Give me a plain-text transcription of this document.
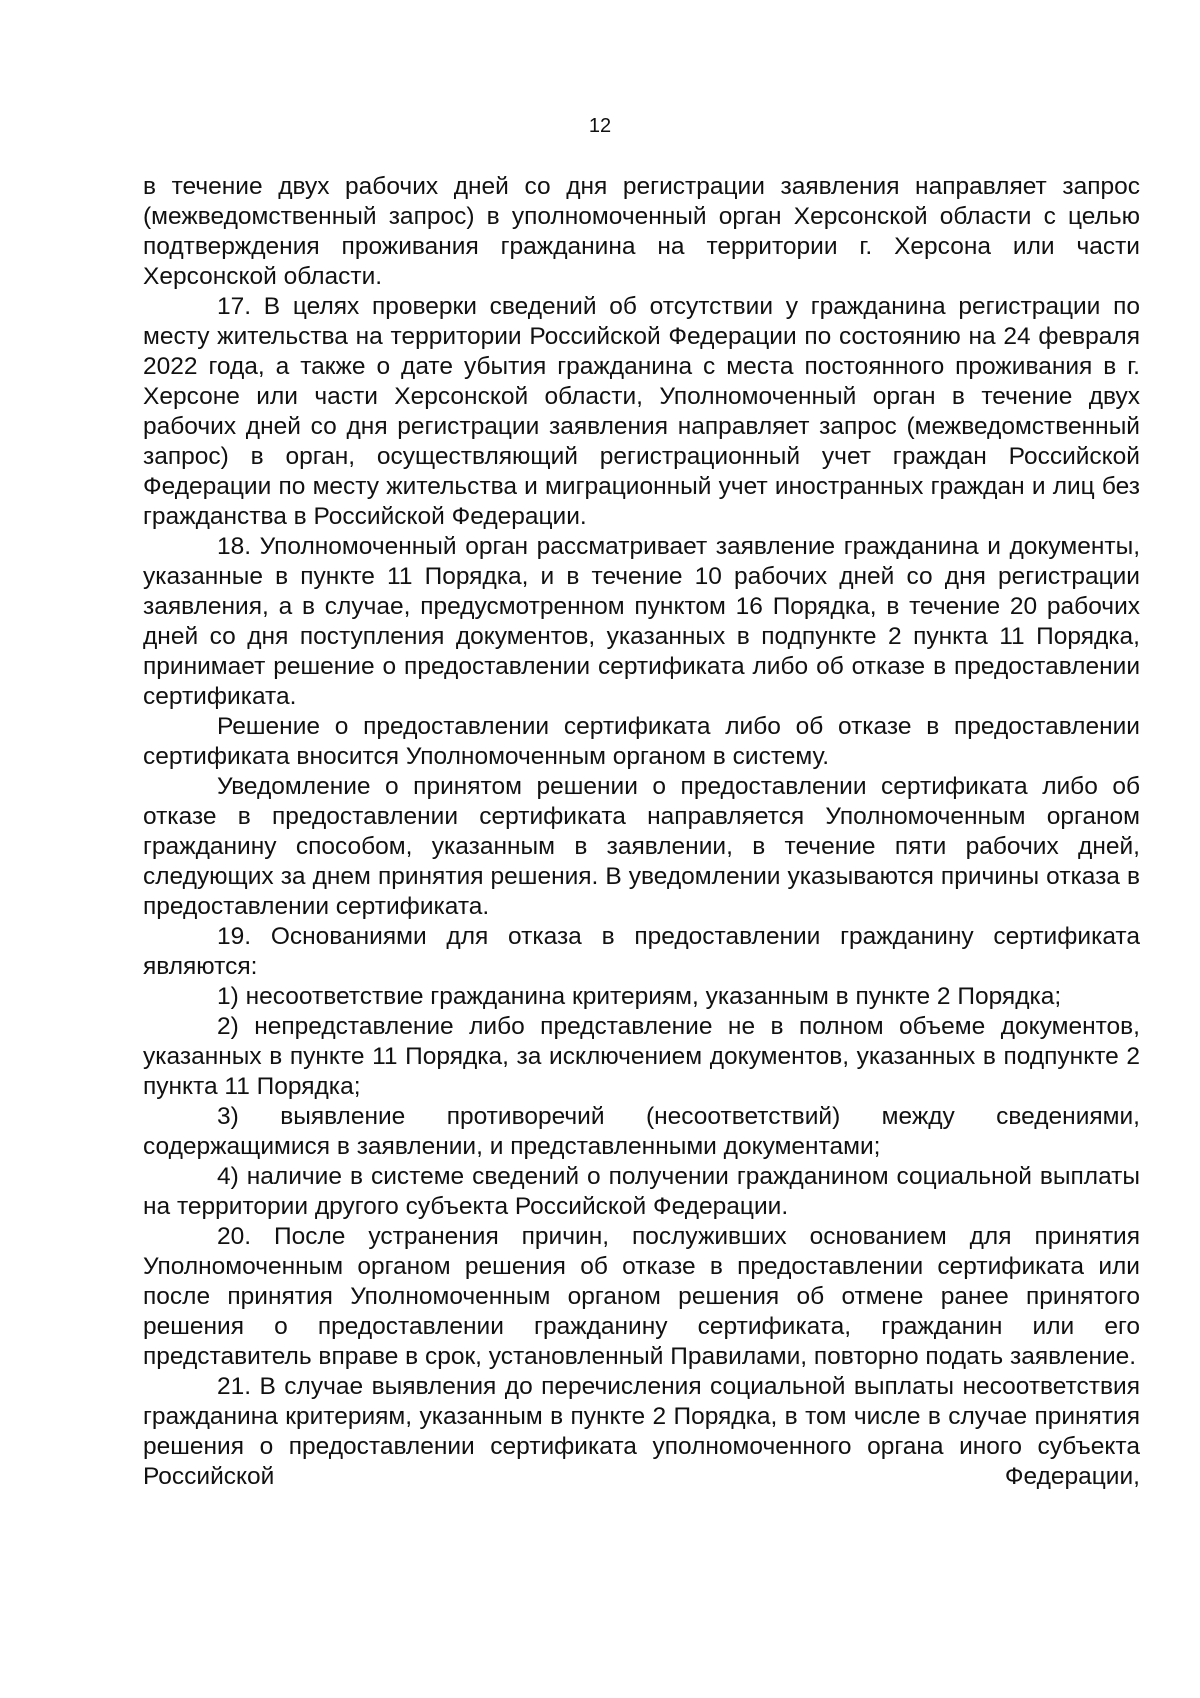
12

в течение двух рабочих дней со дня регистрации заявления направляет запрос (межведомственный запрос) в уполномоченный орган Херсонской области с целью подтверждения проживания гражданина на территории г. Херсона или части Херсонской области.

17. В целях проверки сведений об отсутствии у гражданина регистрации по месту жительства на территории Российской Федерации по состоянию на 24 февраля 2022 года, а также о дате убытия гражданина с места постоянного проживания в г. Херсоне или части Херсонской области, Уполномоченный орган в течение двух рабочих дней со дня регистрации заявления направляет запрос (межведомственный запрос) в орган, осуществляющий регистрационный учет граждан Российской Федерации по месту жительства и миграционный учет иностранных граждан и лиц без гражданства в Российской Федерации.

18. Уполномоченный орган рассматривает заявление гражданина и документы, указанные в пункте 11 Порядка, и в течение 10 рабочих дней со дня регистрации заявления, а в случае, предусмотренном пунктом 16 Порядка, в течение 20 рабочих дней со дня поступления документов, указанных в подпункте 2 пункта 11 Порядка, принимает решение о предоставлении сертификата либо об отказе в предоставлении сертификата.

Решение о предоставлении сертификата либо об отказе в предоставлении сертификата вносится Уполномоченным органом в систему.

Уведомление о принятом решении о предоставлении сертификата либо об отказе в предоставлении сертификата направляется Уполномоченным органом гражданину способом, указанным в заявлении, в течение пяти рабочих дней, следующих за днем принятия решения. В уведомлении указываются причины отказа в предоставлении сертификата.

19. Основаниями для отказа в предоставлении гражданину сертификата являются:

1) несоответствие гражданина критериям, указанным в пункте 2 Порядка;

2) непредставление либо представление не в полном объеме документов, указанных в пункте 11 Порядка, за исключением документов, указанных в подпункте 2 пункта 11 Порядка;

3) выявление противоречий (несоответствий) между сведениями, содержащимися в заявлении, и представленными документами;

4) наличие в системе сведений о получении гражданином социальной выплаты на территории другого субъекта Российской Федерации.

20. После устранения причин, послуживших основанием для принятия Уполномоченным органом решения об отказе в предоставлении сертификата или после принятия Уполномоченным органом решения об отмене ранее принятого решения о предоставлении гражданину сертификата, гражданин или его представитель вправе в срок, установленный Правилами, повторно подать заявление.

21. В случае выявления до перечисления социальной выплаты несоответствия гражданина критериям, указанным в пункте 2 Порядка, в том числе в случае принятия решения о предоставлении сертификата уполномоченного органа иного субъекта Российской Федерации,
